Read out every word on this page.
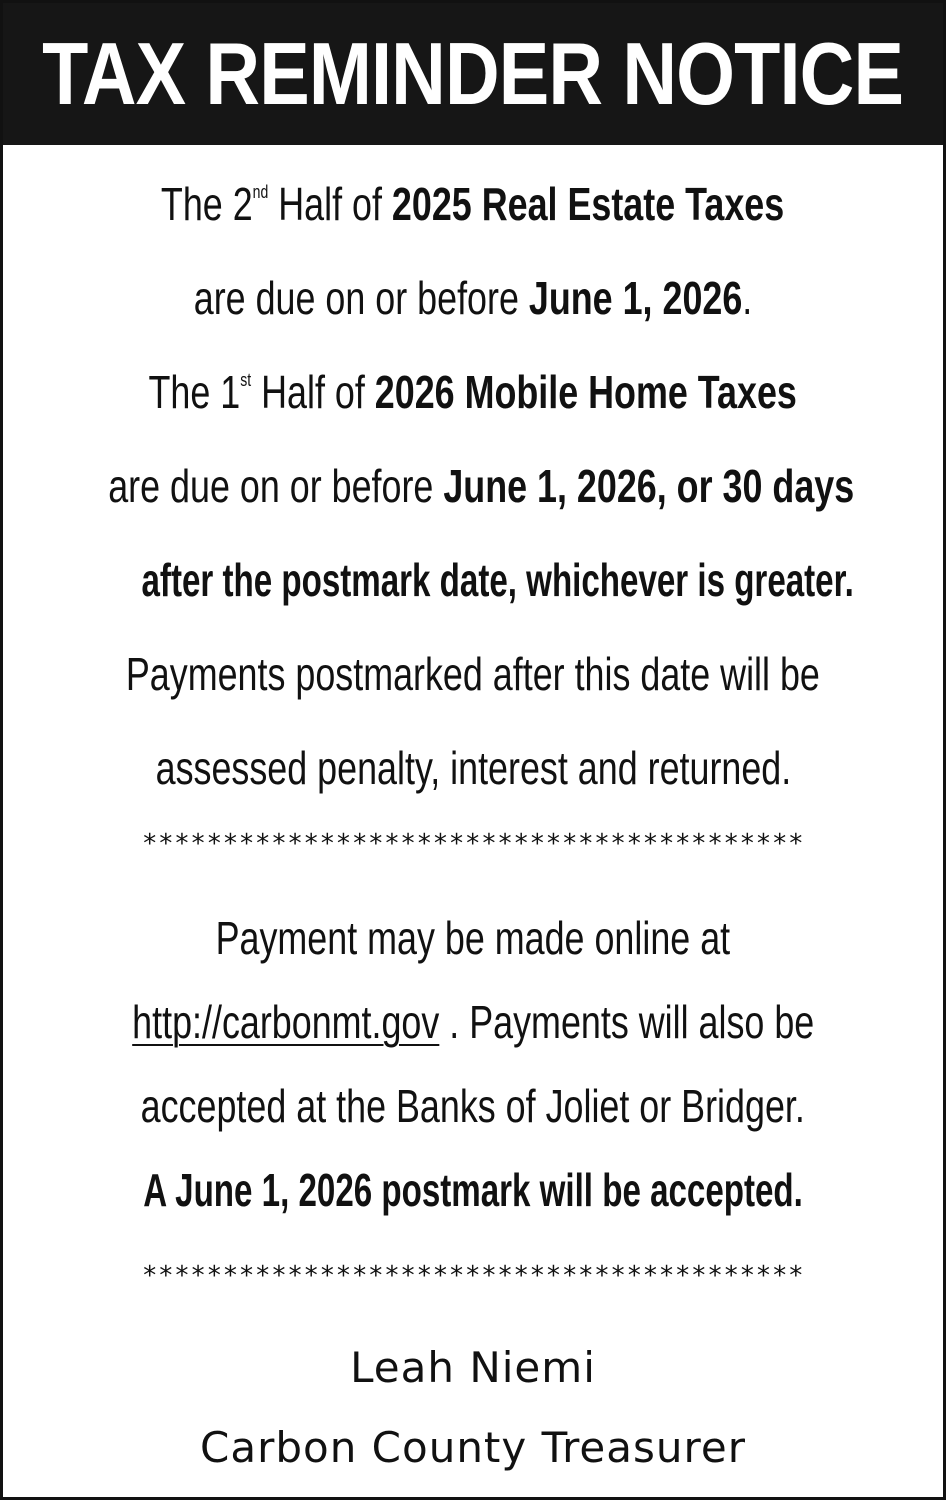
TAX REMINDER NOTICE
The 2nd Half of 2025 Real Estate Taxes
are due on or before June 1, 2026.
The 1st Half of 2026 Mobile Home Taxes
are due on or before June 1, 2026, or 30 days
after the postmark date, whichever is greater.
Payments postmarked after this date will be
assessed penalty, interest and returned.
*****************************************
Payment may be made online at
http://carbonmt.gov . Payments will also be
accepted at the Banks of Joliet or Bridger.
A June 1, 2026 postmark will be accepted.
*****************************************
Leah Niemi
Carbon County Treasurer
